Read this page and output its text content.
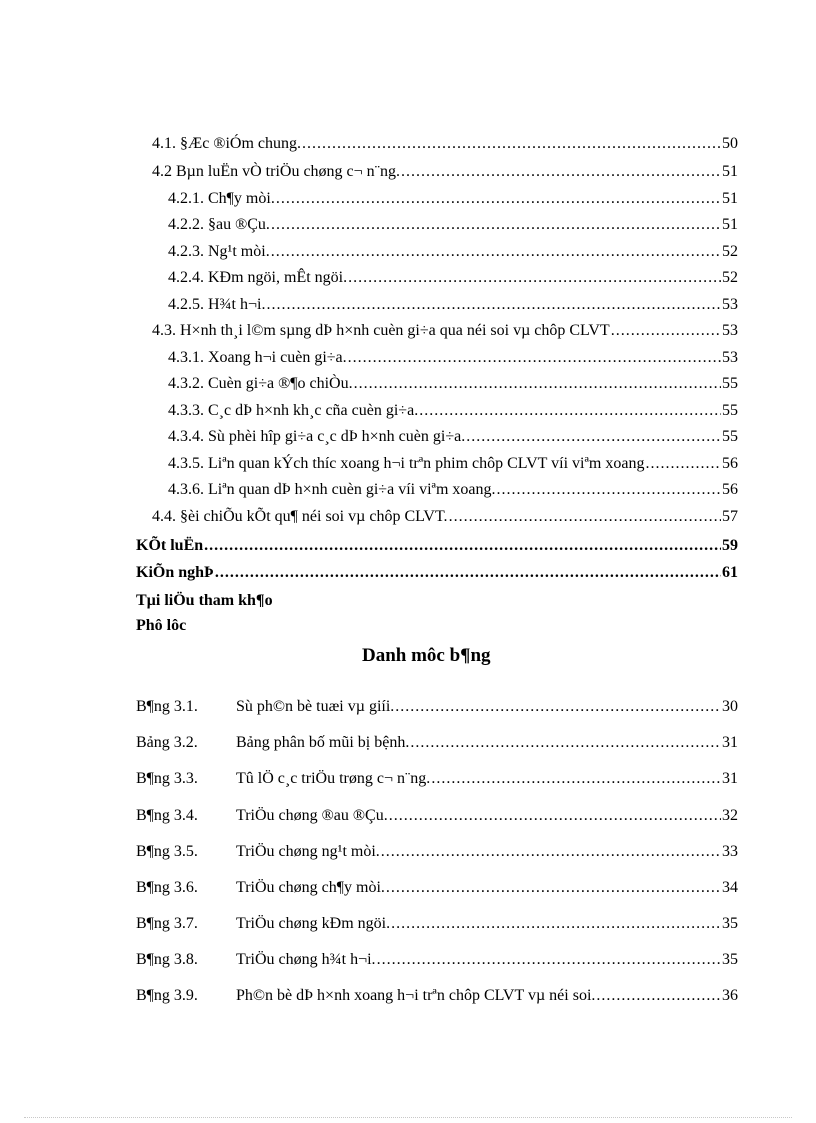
4.1. §Æc ®iÓm chung. .....	50
4.2 Bµn luËn vÒ triÖu chøng c¬ n¨ng. .....	51
4.2.1. Ch¶y mòi. .....	51
4.2.2. §au ®Çu. .....	51
4.2.3. Ng¹t mòi. .....	52
4.2.4. KÐm ngöi, mÊt ngöi. .....	52
4.2.5. H¾t h¬i. .....	53
4.3. H×nh th¸i l©m sµng dÞ h×nh cuèn gi÷a qua néi soi vµ chôp CLVT .....	53
4.3.1. Xoang h¬i cuèn gi÷a. .....	53
4.3.2. Cuèn gi÷a ®¶o chiÒu. .....	55
4.3.3. C¸c dÞ h×nh kh¸c cña cuèn gi÷a. .....	55
4.3.4. Sù phèi hîp gi÷a c¸c dÞ h×nh cuèn gi÷a. .....	55
4.3.5. Liªn quan kÝch thíc xoang h¬i trªn phim chôp CLVT víi viªm xoang .....	56
4.3.6. Liªn quan dÞ h×nh cuèn gi÷a víi viªm xoang. .....	56
4.4. §èi chiÕu kÕt qu¶ néi soi vµ chôp CLVT. .....	57
KÕt luËn .....	59
KiÕn nghÞ .....	61
Tµi liÖu tham kh¶o
Phô lôc
Danh môc b¶ng
B¶ng 3.1.	Sù ph©n bè tuæi vµ giíi. .....	30
Bảng 3.2.	Bảng phân bố mũi bị bệnh. .....	31
B¶ng 3.3.	Tû lÖ c¸c triÖu trøng c¬ n¨ng. .....	31
B¶ng 3.4.	TriÖu chøng ®au ®Çu. .....	32
B¶ng 3.5.	TriÖu chøng ng¹t mòi. .....	33
B¶ng 3.6.	TriÖu chøng ch¶y mòi. .....	34
B¶ng 3.7.	TriÖu chøng kÐm ngöi. .....	35
B¶ng 3.8.	TriÖu chøng h¾t h¬i. .....	35
B¶ng 3.9.	Ph©n bè dÞ h×nh xoang h¬i trªn chôp CLVT vµ néi soi. .....	36
